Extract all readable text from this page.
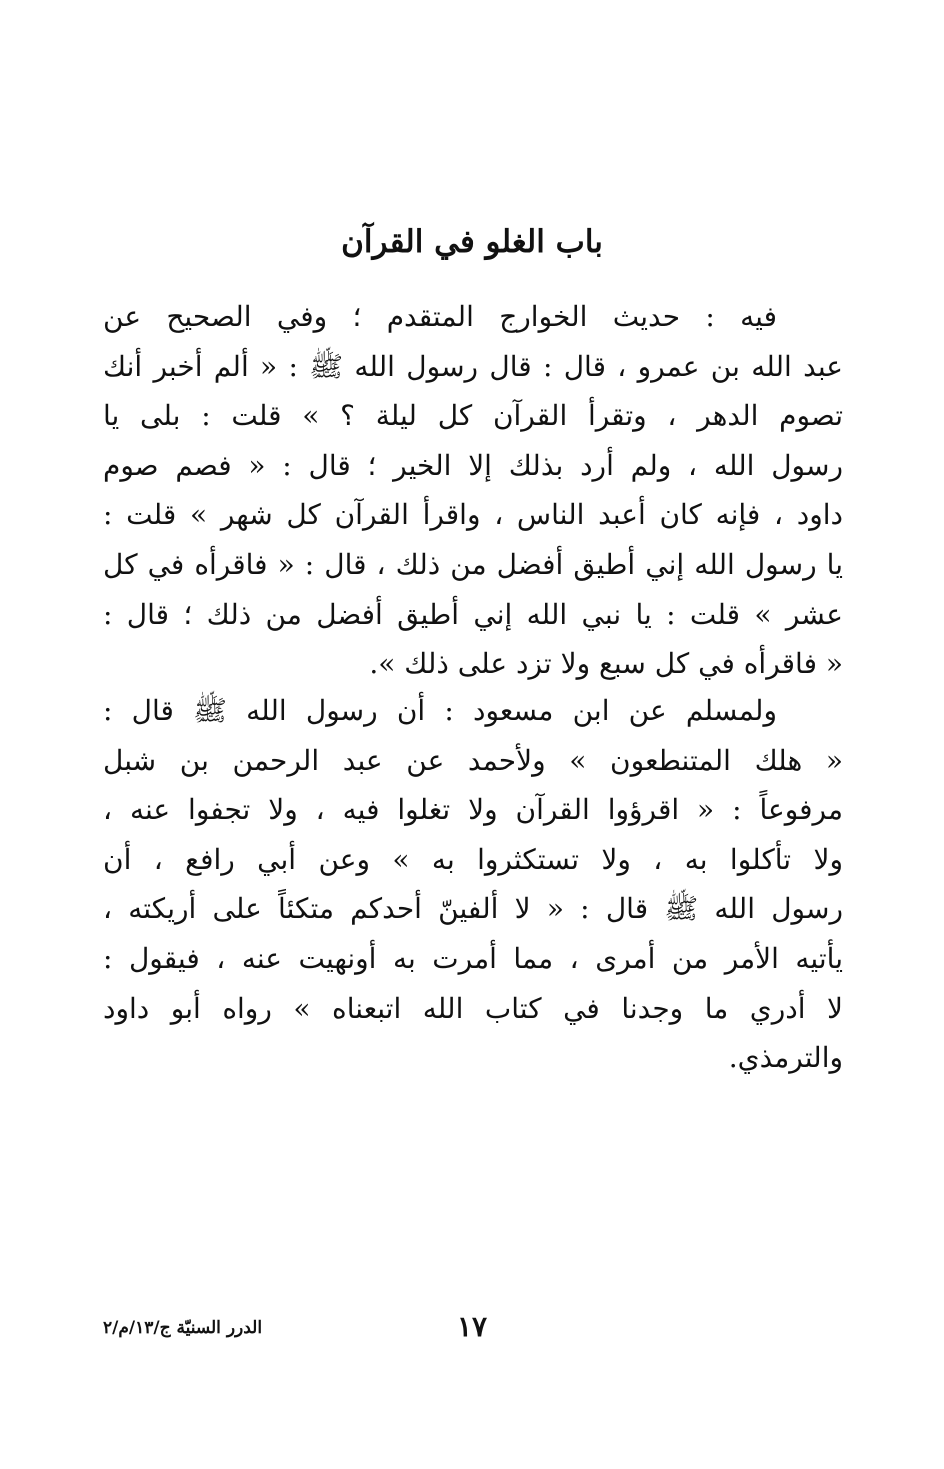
باب الغلو في القرآن
فيه : حديث الخوارج المتقدم ؛ وفي الصحيح عن
عبد الله بن عمرو ، قال : قال رسول الله ﷺ : « ألم أخبر أنك
تصوم الدهر ، وتقرأ القرآن كل ليلة ؟ » قلت : بلى يا
رسول الله ، ولم أرد بذلك إلا الخير ؛ قال : « فصم صوم
داود ، فإنه كان أعبد الناس ، واقرأ القرآن كل شهر » قلت :
يا رسول الله إني أطيق أفضل من ذلك ، قال : « فاقرأه في كل
عشر » قلت : يا نبي الله إني أطيق أفضل من ذلك ؛ قال :
« فاقرأه في كل سبع ولا تزد على ذلك ».
ولمسلم عن ابن مسعود : أن رسول الله ﷺ قال :
« هلك المتنطعون » ولأحمد عن عبد الرحمن بن شبل
مرفوعاً : « اقرؤوا القرآن ولا تغلوا فيه ، ولا تجفوا عنه ،
ولا تأكلوا به ، ولا تستكثروا به » وعن أبي رافع ، أن
رسول الله ﷺ قال : « لا ألفينّ أحدكم متكئاً على أريكته ،
يأتيه الأمر من أمرى ، مما أمرت به أونهيت عنه ، فيقول :
لا أدري ما وجدنا في كتاب الله اتبعناه » رواه أبو داود
والترمذي.
١٧
الدرر السنيّة ج/١٣/م/٢
